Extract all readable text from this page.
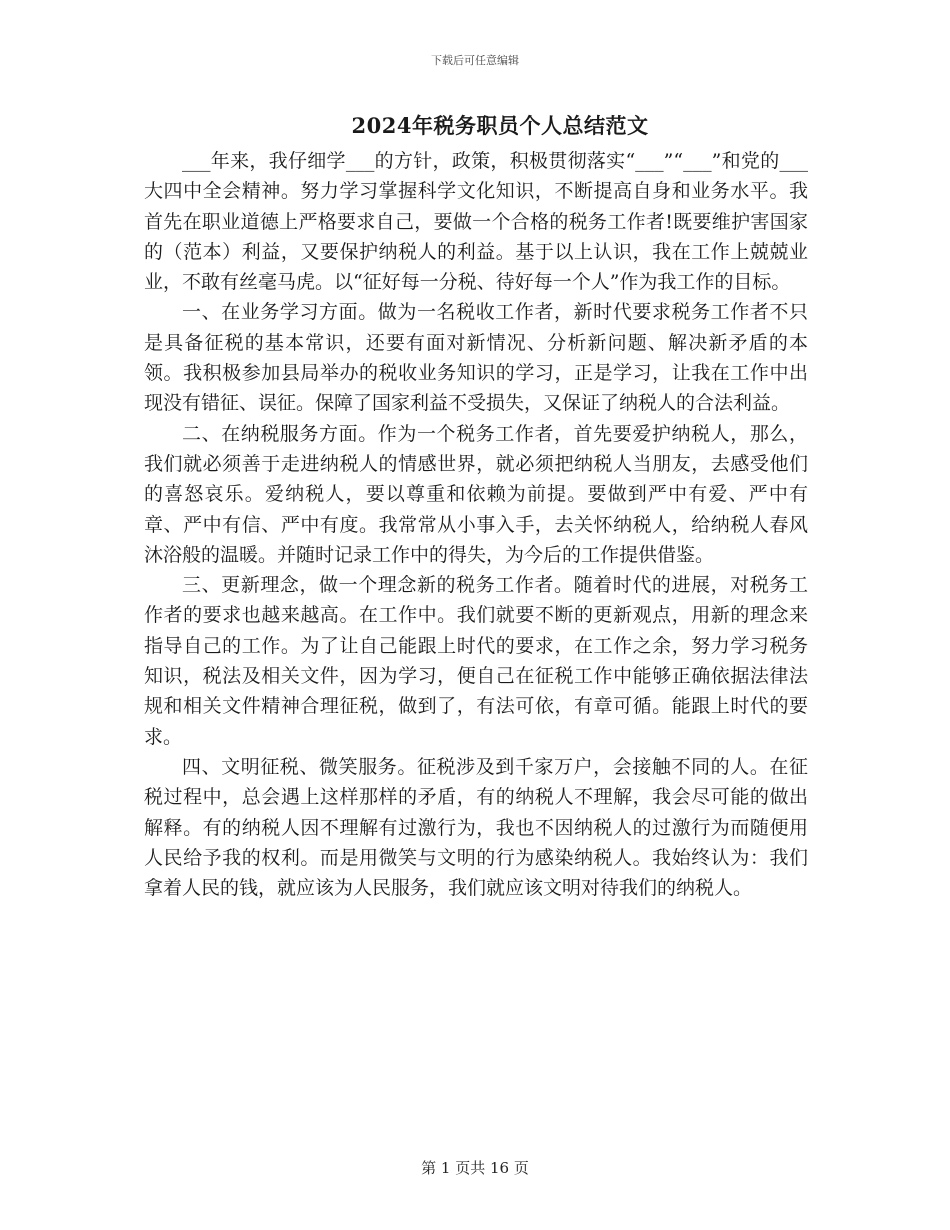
下载后可任意编辑
2024年税务职员个人总结范文

___年来，我仔细学___的方针，政策，积极贯彻落实“___”“___”和党的___大四中全会精神。努力学习掌握科学文化知识，不断提高自身和业务水平。我首先在职业道德上严格要求自己，要做一个合格的税务工作者!既要维护害国家的（范本）利益，又要保护纳税人的利益。基于以上认识，我在工作上兢兢业业，不敢有丝毫马虎。以“征好每一分税、待好每一个人”作为我工作的目标。

一、在业务学习方面。做为一名税收工作者，新时代要求税务工作者不只是具备征税的基本常识，还要有面对新情况、分析新问题、解决新矛盾的本领。我积极参加县局举办的税收业务知识的学习，正是学习，让我在工作中出现没有错征、误征。保障了国家利益不受损失，又保证了纳税人的合法利益。

二、在纳税服务方面。作为一个税务工作者，首先要爱护纳税人，那么，我们就必须善于走进纳税人的情感世界，就必须把纳税人当朋友，去感受他们的喜怒哀乐。爱纳税人，要以尊重和依赖为前提。要做到严中有爱、严中有章、严中有信、严中有度。我常常从小事入手，去关怀纳税人，给纳税人春风沐浴般的温暖。并随时记录工作中的得失，为今后的工作提供借鉴。

三、更新理念，做一个理念新的税务工作者。随着时代的进展，对税务工作者的要求也越来越高。在工作中。我们就要不断的更新观点，用新的理念来指导自己的工作。为了让自己能跟上时代的要求，在工作之余，努力学习税务知识，税法及相关文件，因为学习，便自己在征税工作中能够正确依据法律法规和相关文件精神合理征税，做到了，有法可依，有章可循。能跟上时代的要求。

四、文明征税、微笑服务。征税涉及到千家万户，会接触不同的人。在征税过程中，总会遇上这样那样的矛盾，有的纳税人不理解，我会尽可能的做出解释。有的纳税人因不理解有过激行为，我也不因纳税人的过激行为而随便用人民给予我的权利。而是用微笑与文明的行为感染纳税人。我始终认为：我们拿着人民的钱，就应该为人民服务，我们就应该文明对待我们的纳税人。

第 1 页共 16 页
